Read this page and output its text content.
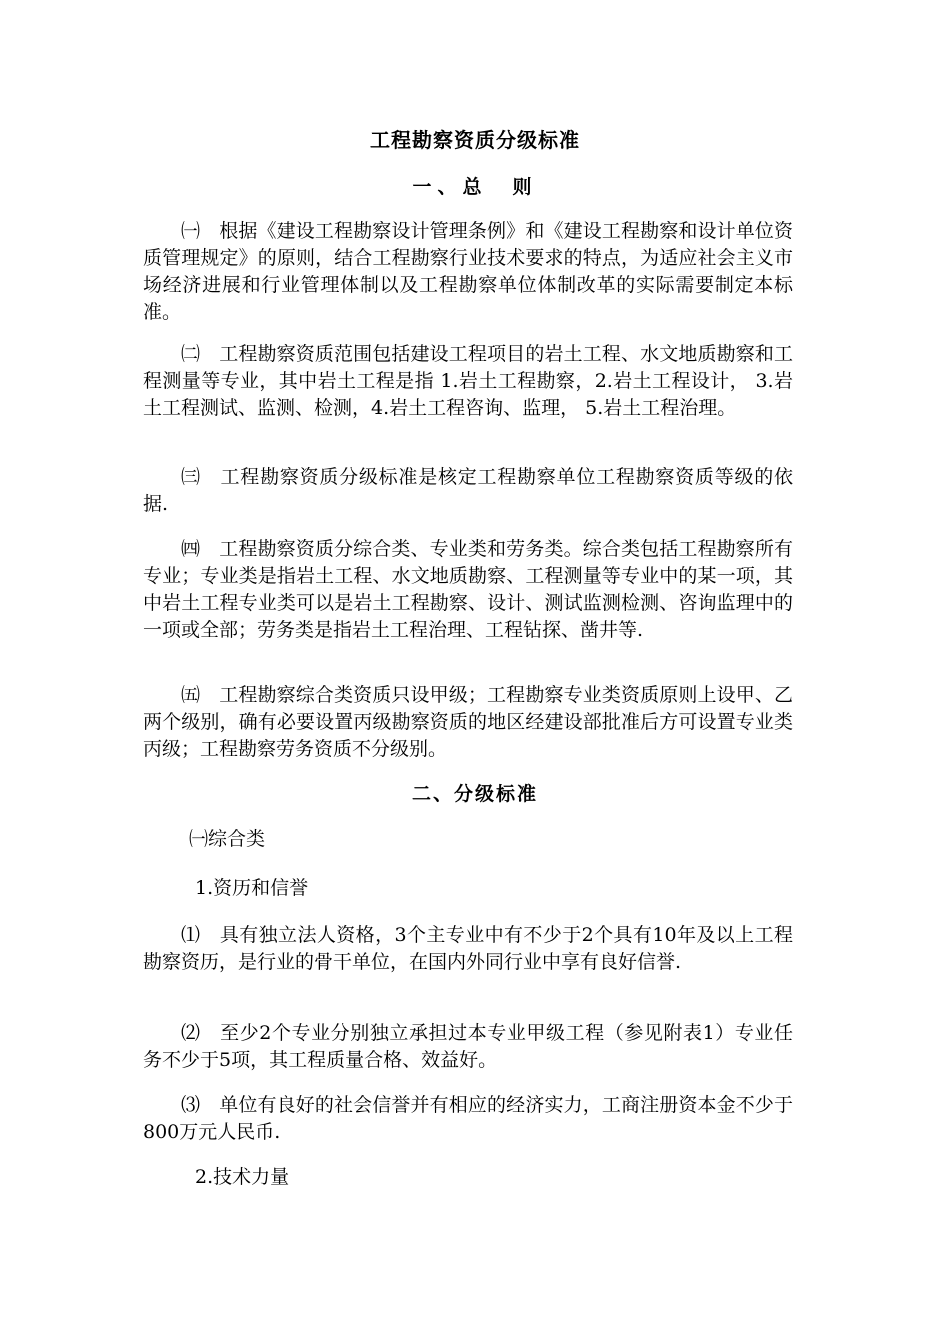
工程勘察资质分级标准
一、总　则

㈠　根据《建设工程勘察设计管理条例》和《建设工程勘察和设计单位资质管理规定》的原则，结合工程勘察行业技术要求的特点，为适应社会主义市场经济进展和行业管理体制以及工程勘察单位体制改革的实际需要制定本标准。

㈡　工程勘察资质范围包括建设工程项目的岩土工程、水文地质勘察和工程测量等专业，其中岩土工程是指 1.岩土工程勘察，2.岩土工程设计， 3.岩土工程测试、监测、检测，4.岩土工程咨询、监理， 5.岩土工程治理。

㈢　工程勘察资质分级标准是核定工程勘察单位工程勘察资质等级的依据.

㈣　工程勘察资质分综合类、专业类和劳务类。综合类包括工程勘察所有专业；专业类是指岩土工程、水文地质勘察、工程测量等专业中的某一项，其中岩土工程专业类可以是岩土工程勘察、设计、测试监测检测、咨询监理中的一项或全部；劳务类是指岩土工程治理、工程钻探、凿井等.

㈤　工程勘察综合类资质只设甲级；工程勘察专业类资质原则上设甲、乙两个级别，确有必要设置丙级勘察资质的地区经建设部批准后方可设置专业类丙级；工程勘察劳务资质不分级别。

二、分级标准

㈠综合类

1.资历和信誉

⑴　具有独立法人资格，3个主专业中有不少于2个具有10年及以上工程勘察资历，是行业的骨干单位，在国内外同行业中享有良好信誉.

⑵　至少2个专业分别独立承担过本专业甲级工程（参见附表1）专业任务不少于5项，其工程质量合格、效益好。

⑶　单位有良好的社会信誉并有相应的经济实力，工商注册资本金不少于800万元人民币.

2.技术力量
